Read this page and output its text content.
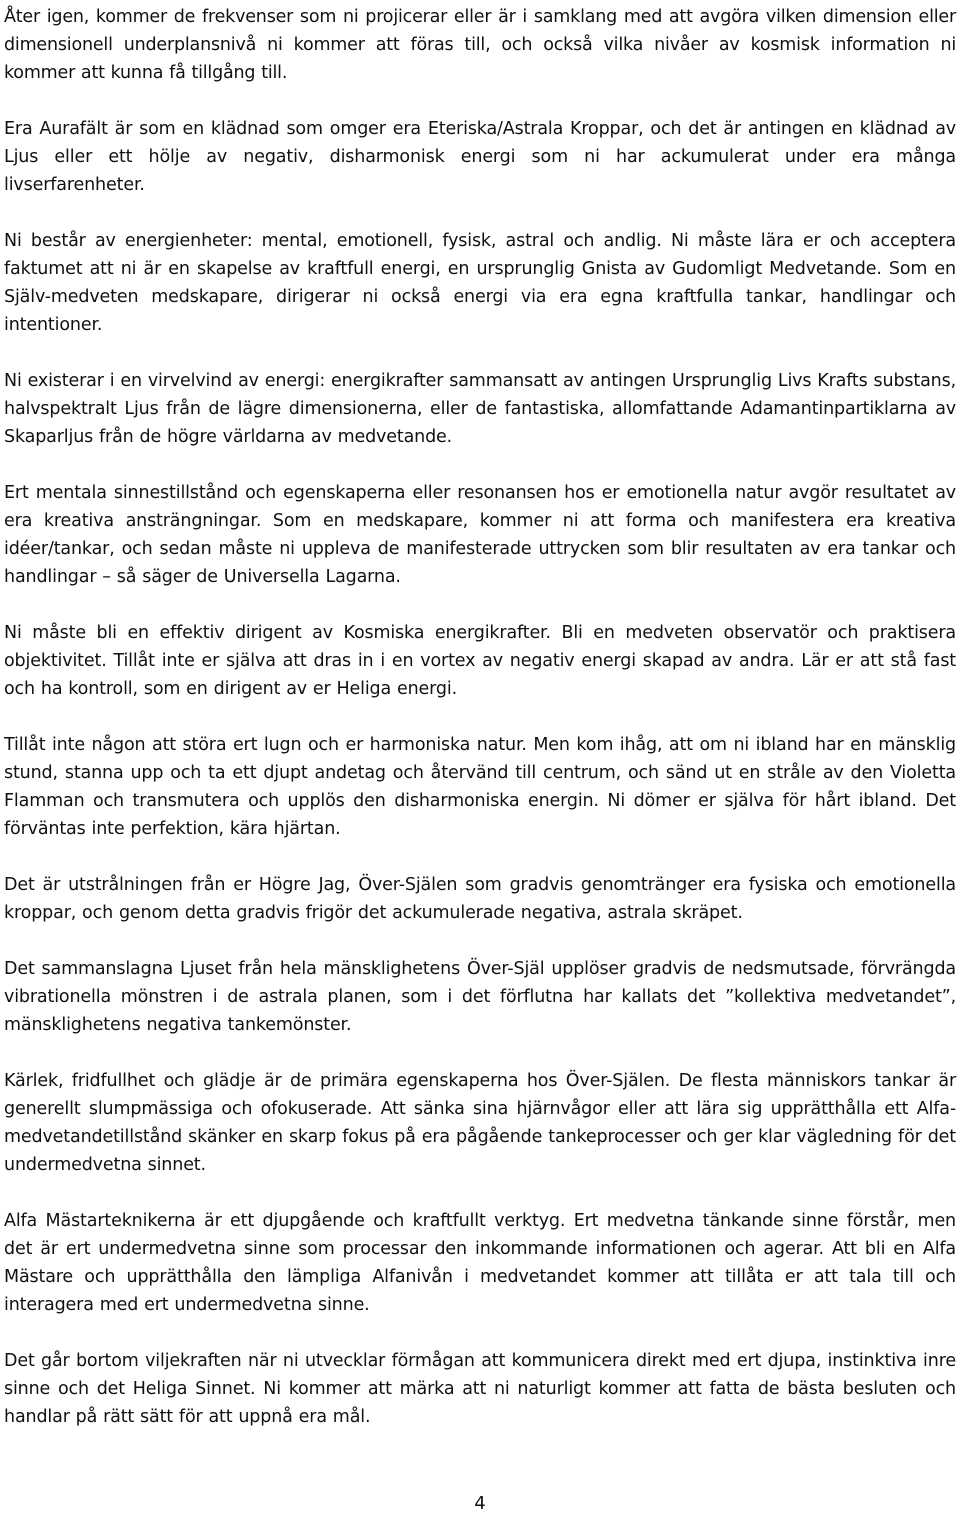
Åter igen, kommer de frekvenser som ni projicerar eller är i samklang med att avgöra vilken dimension eller dimensionell underplansnivå ni kommer att föras till, och också vilka nivåer av kosmisk information ni kommer att kunna få tillgång till.

Era Aurafält är som en klädnad som omger era Eteriska/Astrala Kroppar, och det är antingen en klädnad av Ljus eller ett hölje av negativ, disharmonisk energi som ni har ackumulerat under era många livserfarenheter.

Ni består av energienheter: mental, emotionell, fysisk, astral och andlig. Ni måste lära er och acceptera faktumet att ni är en skapelse av kraftfull energi, en ursprunglig Gnista av Gudomligt Medvetande. Som en Själv-medveten medskapare, dirigerar ni också energi via era egna kraftfulla tankar, handlingar och intentioner.

Ni existerar i en virvelvind av energi: energikrafter sammansatt av antingen Ursprunglig Livs Krafts substans, halvspektralt Ljus från de lägre dimensionerna, eller de fantastiska, allomfattande Adamantinpartiklarna av Skaparljus från de högre världarna av medvetande.

Ert mentala sinnestillstånd och egenskaperna eller resonansen hos er emotionella natur avgör resultatet av era kreativa ansträngningar. Som en medskapare, kommer ni att forma och manifestera era kreativa idéer/tankar, och sedan måste ni uppleva de manifesterade uttrycken som blir resultaten av era tankar och handlingar – så säger de Universella Lagarna.

Ni måste bli en effektiv dirigent av Kosmiska energikrafter. Bli en medveten observatör och praktisera objektivitet. Tillåt inte er själva att dras in i en vortex av negativ energi skapad av andra. Lär er att stå fast och ha kontroll, som en dirigent av er Heliga energi.

Tillåt inte någon att störa ert lugn och er harmoniska natur. Men kom ihåg, att om ni ibland har en mänsklig stund, stanna upp och ta ett djupt andetag och återvänd till centrum, och sänd ut en stråle av den Violetta Flamman och transmutera och upplös den disharmoniska energin. Ni dömer er själva för hårt ibland. Det förväntas inte perfektion, kära hjärtan.

Det är utstrålningen från er Högre Jag, Över-Själen som gradvis genomtränger era fysiska och emotionella kroppar, och genom detta gradvis frigör det ackumulerade negativa, astrala skräpet.

Det sammanslagna Ljuset från hela mänsklighetens Över-Själ upplöser gradvis de nedsmutsade, förvrängda vibrationella mönstren i de astrala planen, som i det förflutna har kallats det ”kollektiva medvetandet”, mänsklighetens negativa tankemönster.

Kärlek, fridfullhet och glädje är de primära egenskaperna hos Över-Själen. De flesta människors tankar är generellt slumpmässiga och ofokuserade. Att sänka sina hjärnvågor eller att lära sig upprätthålla ett Alfa-medvetandetillstånd skänker en skarp fokus på era pågående tankeprocesser och ger klar vägledning för det undermedvetna sinnet.

Alfa Mästarteknikerna är ett djupgående och kraftfullt verktyg. Ert medvetna tänkande sinne förstår, men det är ert undermedvetna sinne som processar den inkommande informationen och agerar. Att bli en Alfa Mästare och upprätthålla den lämpliga Alfanivån i medvetandet kommer att tillåta er att tala till och interagera med ert undermedvetna sinne.

Det går bortom viljekraften när ni utvecklar förmågan att kommunicera direkt med ert djupa, instinktiva inre sinne och det Heliga Sinnet. Ni kommer att märka att ni naturligt kommer att fatta de bästa besluten och handlar på rätt sätt för att uppnå era mål.

4
